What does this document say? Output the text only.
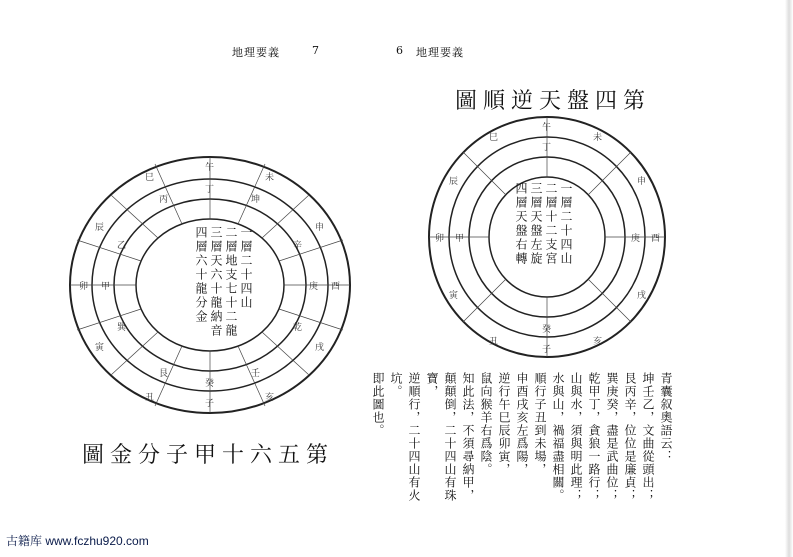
地理要義	7	6 地理要義
午
子
卯	酉
巳	未
丑	亥
辰	申
寅	戌
丁
癸
甲	庚
丙	坤
艮	壬
乙	辛
巽	乾
一層二十四山
二層地支七十二龍
三層天六十龍納音
四層六十龍分金
第五六十甲子分金圖
第四盤天逆順圖
午
子
卯	酉
巳	未
丑	亥
辰	申
寅	戌
丁
癸
甲	庚
一層二十四山
二層十二支宮
三層天盤左旋
四層天盤右轉
青囊叙奧語云：
坤壬乙，文曲從頭出；
艮丙辛，位位是廉貞；
巽庚癸，盡是武曲位；
乾甲丁，貪狼一路行；
山與水，須與明此理；
水與山，禍福盡相關。
順行子丑到未場，
申酉戌亥左爲陽，
逆行午巳辰卯寅，
鼠向猴羊右爲陰。
知此法，不須尋納甲，
顛顛倒，二十四山有珠寶，
逆順行，二十四山有火坑。
即此圖也。
古籍库 www.fczhu920.com
